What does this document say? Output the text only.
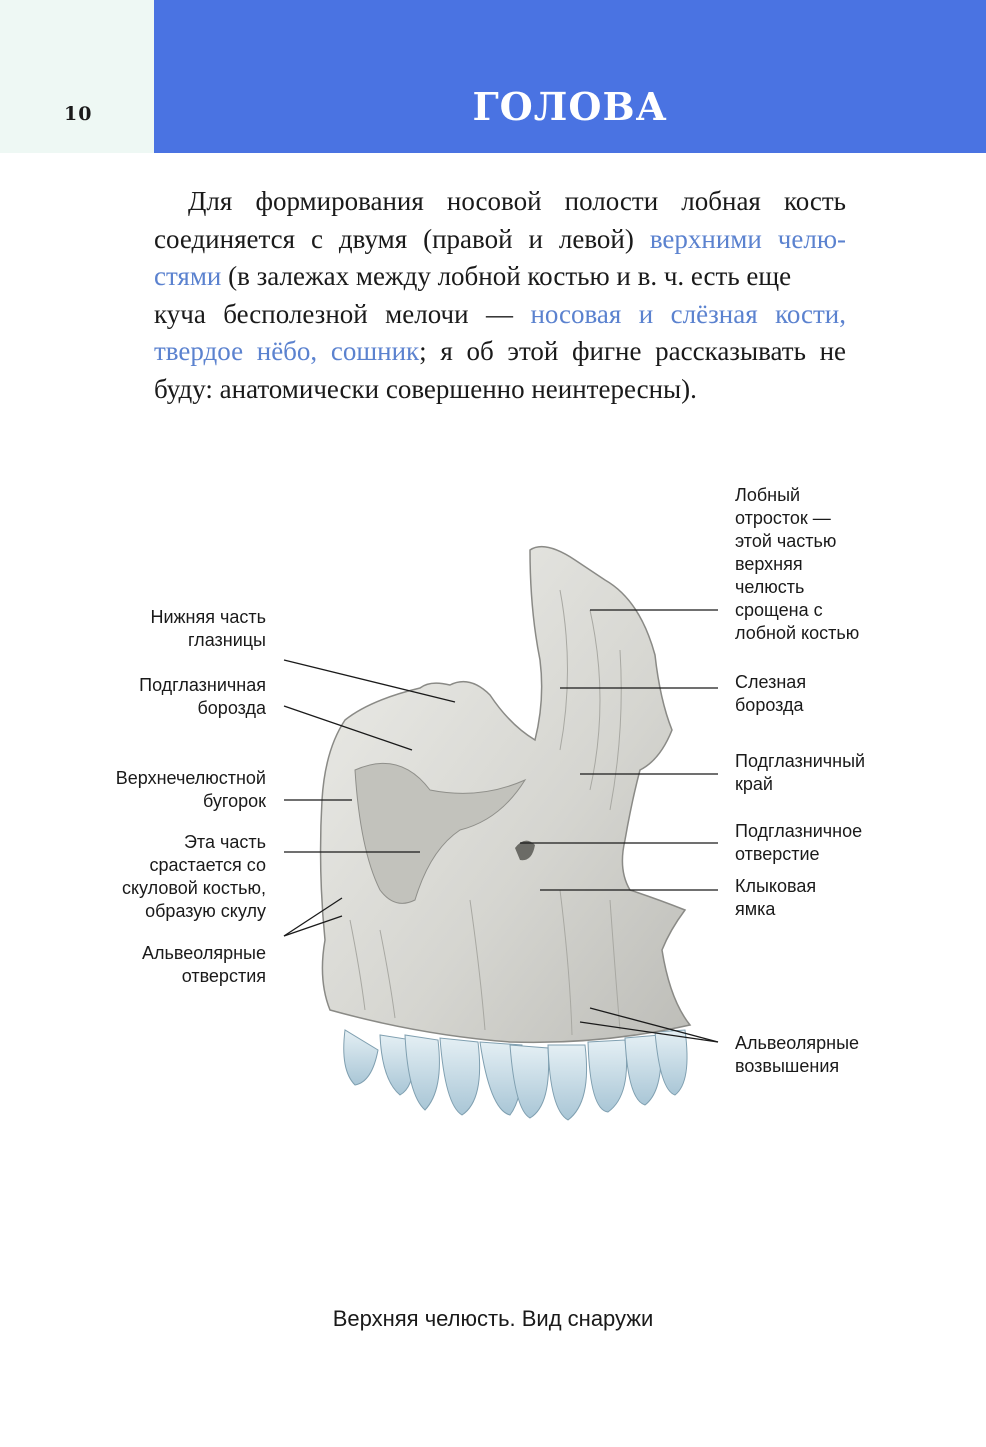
10	ГОЛОВА
Для формирования носовой полости лобная кость
соединяется с двумя (правой и левой) верхними челю-
стями (в залежах между лобной костью и в. ч. есть еще
куча бесполезной мелочи — носовая и слёзная кости,
твердое нёбо, сошник; я об этой фигне рассказывать не
буду: анатомически совершенно неинтересны).
Нижняя часть
глазницы
Подглазничная
борозда
Верхнечелюстной
бугорок
Эта часть
срастается со
скуловой костью,
образую скулу
Альвеолярные
отверстия
Лобный
отросток —
этой частью
верхняя
челюсть
срощена с
лобной костью
Слезная
борозда
Подглазничный
край
Подглазничное
отверстие
Клыковая
ямка
Альвеолярные
возвышения
Верхняя челюсть. Вид снаружи
